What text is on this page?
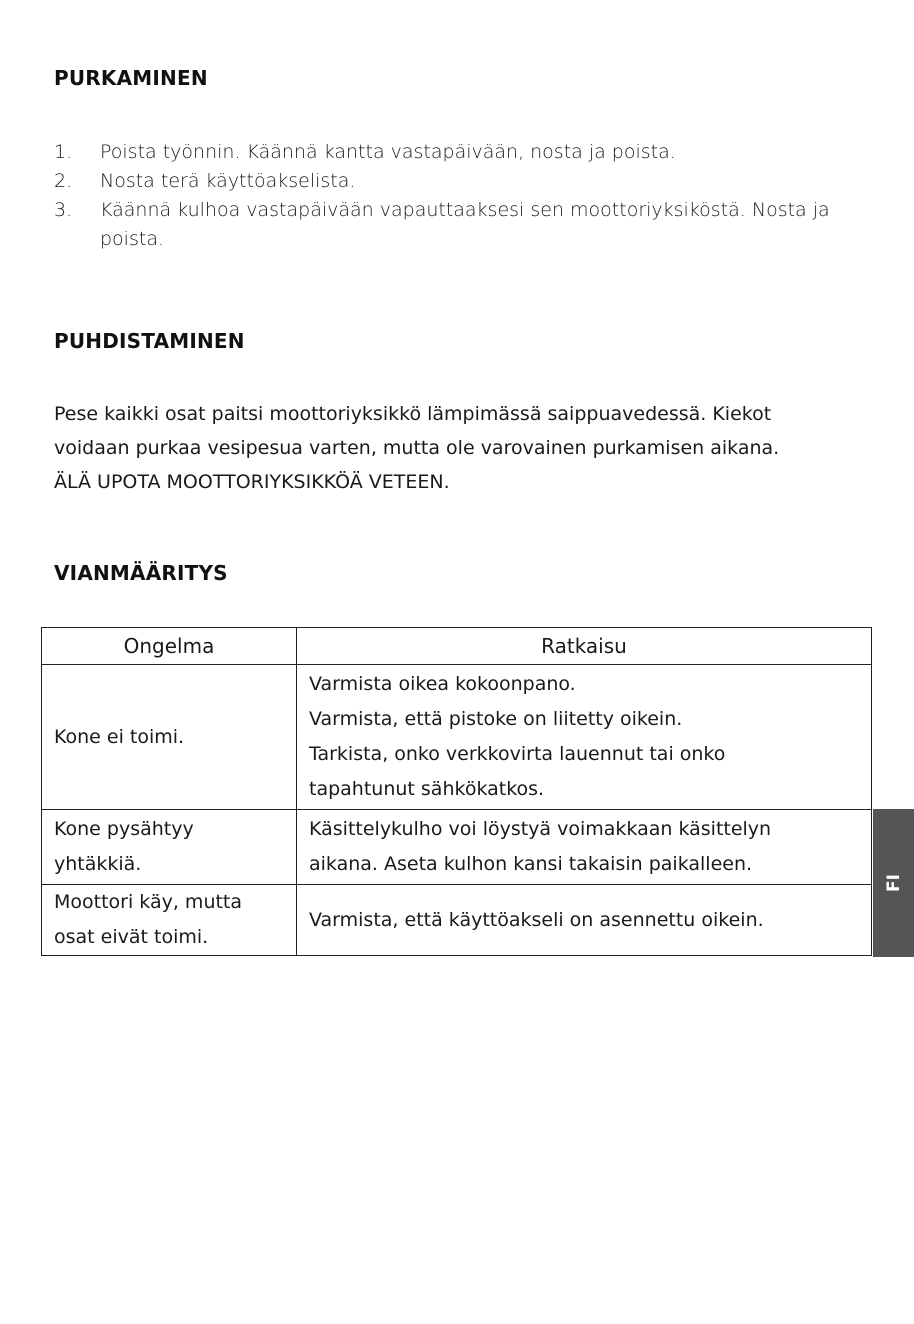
PURKAMINEN
1. Poista työnnin. Käännä kantta vastapäivään, nosta ja poista.
2. Nosta terä käyttöakselista.
3. Käännä kulhoa vastapäivään vapauttaaksesi sen moottoriyksiköstä. Nosta ja poista.
PUHDISTAMINEN

Pese kaikki osat paitsi moottoriyksikkö lämpimässä saippuavedessä. Kiekot
voidaan purkaa vesipesua varten, mutta ole varovainen purkamisen aikana.
ÄLÄ UPOTA MOOTTORIYKSIKKÖÄ VETEEN.

VIANMÄÄRITYS
Ongelma	Ratkaisu

Kone ei toimi.	Varmista oikea kokoonpano.
Varmista, että pistoke on liitetty oikein.
Tarkista, onko verkkovirta lauennut tai onko
tapahtunut sähkökatkos.

Kone pysähtyy
yhtäkkiä.	Käsittelykulho voi löystyä voimakkaan käsittelyn
aikana. Aseta kulhon kansi takaisin paikalleen.

Moottori käy, mutta
osat eivät toimi.	Varmista, että käyttöakseli on asennettu oikein.
FI
